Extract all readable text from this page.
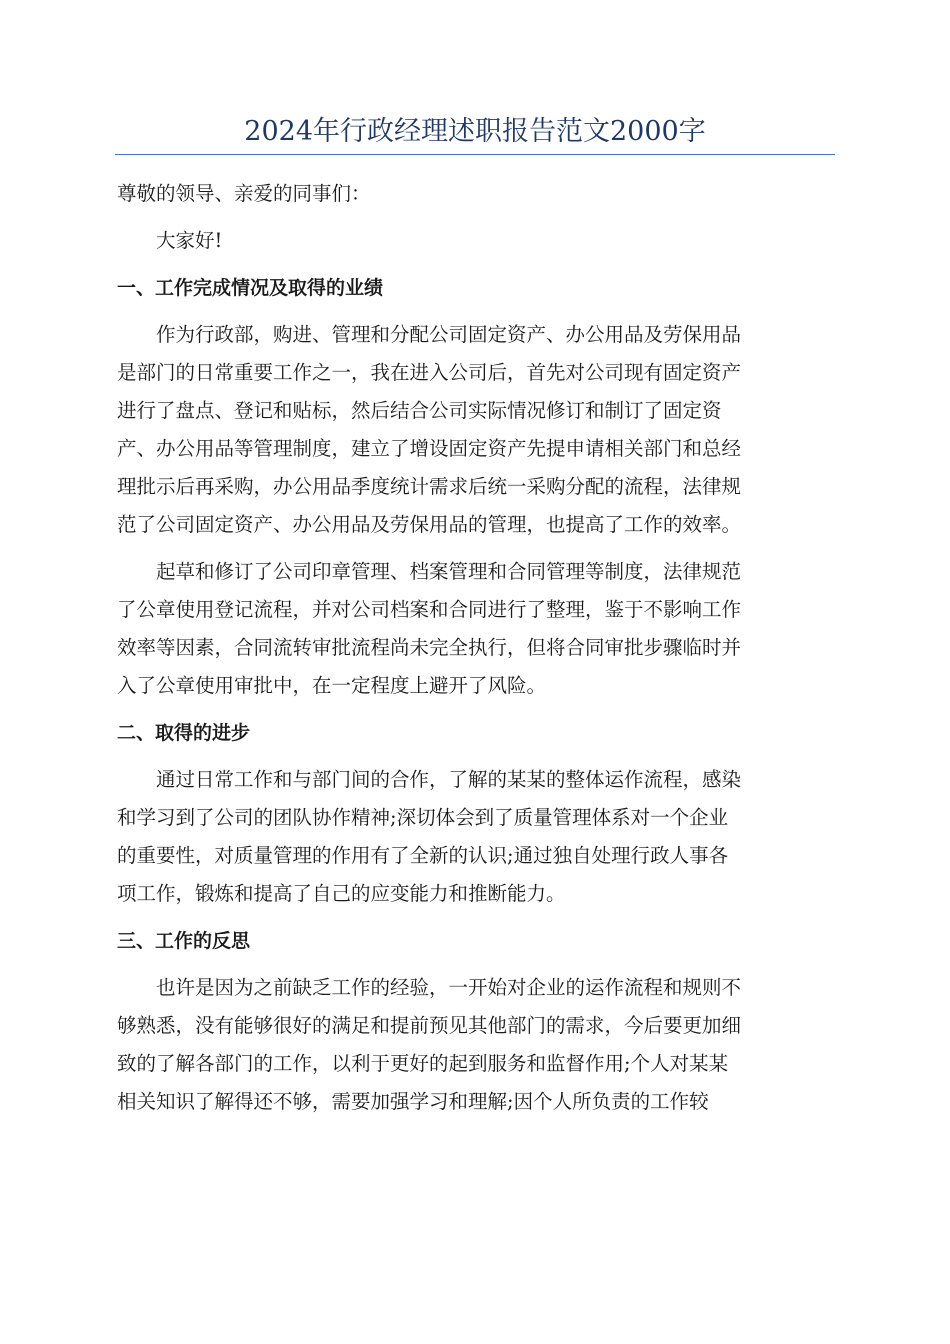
2024年行政经理述职报告范文2000字

尊敬的领导、亲爱的同事们：

大家好!

一、工作完成情况及取得的业绩
作为行政部，购进、管理和分配公司固定资产、办公用品及劳保用品
是部门的日常重要工作之一，我在进入公司后，首先对公司现有固定资产
进行了盘点、登记和贴标，然后结合公司实际情况修订和制订了固定资
产、办公用品等管理制度，建立了增设固定资产先提申请相关部门和总经
理批示后再采购，办公用品季度统计需求后统一采购分配的流程，法律规
范了公司固定资产、办公用品及劳保用品的管理，也提高了工作的效率。
起草和修订了公司印章管理、档案管理和合同管理等制度，法律规范
了公章使用登记流程，并对公司档案和合同进行了整理，鉴于不影响工作
效率等因素，合同流转审批流程尚未完全执行，但将合同审批步骤临时并
入了公章使用审批中，在一定程度上避开了风险。
二、取得的进步
通过日常工作和与部门间的合作，了解的某某的整体运作流程，感染
和学习到了公司的团队协作精神;深切体会到了质量管理体系对一个企业
的重要性，对质量管理的作用有了全新的认识;通过独自处理行政人事各
项工作，锻炼和提高了自己的应变能力和推断能力。
三、工作的反思
也许是因为之前缺乏工作的经验，一开始对企业的运作流程和规则不
够熟悉，没有能够很好的满足和提前预见其他部门的需求，今后要更加细
致的了解各部门的工作，以利于更好的起到服务和监督作用;个人对某某
相关知识了解得还不够，需要加强学习和理解;因个人所负责的工作较
